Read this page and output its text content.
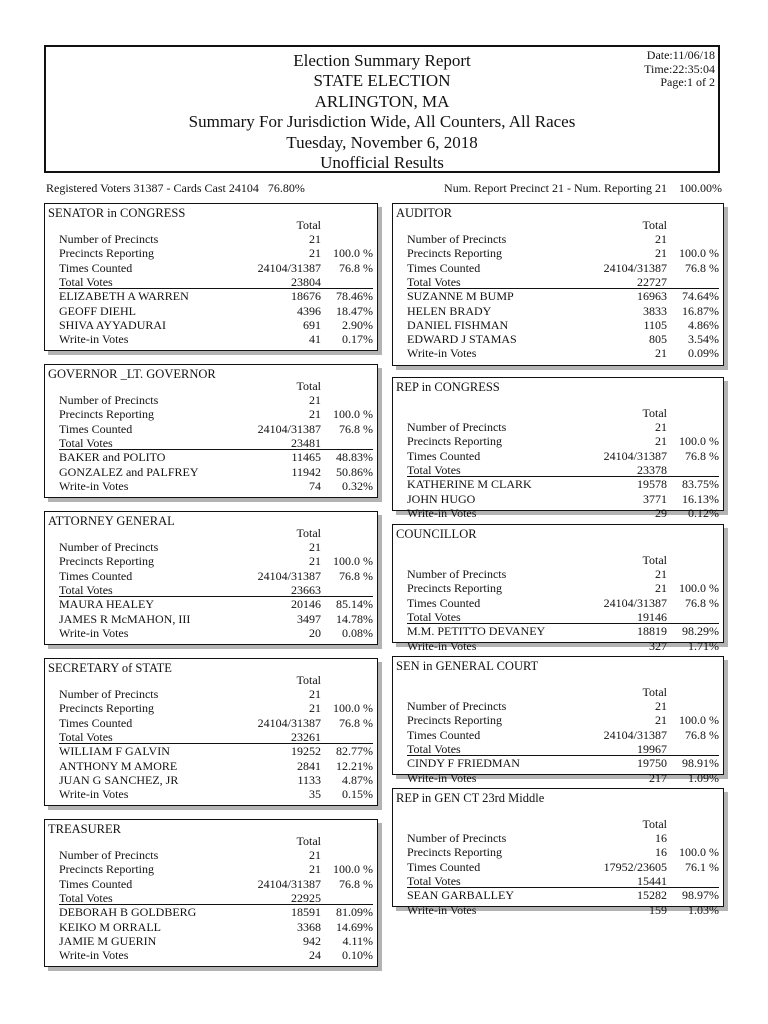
Election Summary Report
STATE ELECTION
ARLINGTON, MA
Summary For Jurisdiction Wide, All Counters, All Races
Tuesday, November 6, 2018
Unofficial Results
Date:11/06/18
Time:22:35:04
Page:1 of 2
Registered Voters 31387 - Cards Cast 24104   76.80%	Num. Report Precinct 21 - Num. Reporting 21    100.00%
SENATOR in CONGRESS
Total
Number of Precincts	21
Precincts Reporting	21 100.0 %
Times Counted	24104/31387 76.8 %
Total Votes	23804
ELIZABETH A WARREN	18676 78.46%
GEOFF DIEHL	4396 18.47%
SHIVA AYYADURAI	691 2.90%
Write-in Votes	41 0.17%
GOVERNOR _LT. GOVERNOR
Total
Number of Precincts	21
Precincts Reporting	21 100.0 %
Times Counted	24104/31387 76.8 %
Total Votes	23481
BAKER and POLITO	11465 48.83%
GONZALEZ and PALFREY	11942 50.86%
Write-in Votes	74 0.32%
ATTORNEY GENERAL
Total
Number of Precincts	21
Precincts Reporting	21 100.0 %
Times Counted	24104/31387 76.8 %
Total Votes	23663
MAURA HEALEY	20146 85.14%
JAMES R McMAHON, III	3497 14.78%
Write-in Votes	20 0.08%
SECRETARY of STATE
Total
Number of Precincts	21
Precincts Reporting	21 100.0 %
Times Counted	24104/31387 76.8 %
Total Votes	23261
WILLIAM F GALVIN	19252 82.77%
ANTHONY M AMORE	2841 12.21%
JUAN G SANCHEZ, JR	1133 4.87%
Write-in Votes	35 0.15%
TREASURER
Total
Number of Precincts	21
Precincts Reporting	21 100.0 %
Times Counted	24104/31387 76.8 %
Total Votes	22925
DEBORAH B GOLDBERG	18591 81.09%
KEIKO M ORRALL	3368 14.69%
JAMIE M GUERIN	942 4.11%
Write-in Votes	24 0.10%
AUDITOR
Total
Number of Precincts	21
Precincts Reporting	21 100.0 %
Times Counted	24104/31387 76.8 %
Total Votes	22727
SUZANNE M BUMP	16963 74.64%
HELEN BRADY	3833 16.87%
DANIEL FISHMAN	1105 4.86%
EDWARD J STAMAS	805 3.54%
Write-in Votes	21 0.09%
REP in CONGRESS
Total
Number of Precincts	21
Precincts Reporting	21 100.0 %
Times Counted	24104/31387 76.8 %
Total Votes	23378
KATHERINE M CLARK	19578 83.75%
JOHN HUGO	3771 16.13%
Write-in Votes	29 0.12%
COUNCILLOR
Total
Number of Precincts	21
Precincts Reporting	21 100.0 %
Times Counted	24104/31387 76.8 %
Total Votes	19146
M.M. PETITTO DEVANEY	18819 98.29%
Write-in Votes	327 1.71%
SEN in GENERAL COURT
Total
Number of Precincts	21
Precincts Reporting	21 100.0 %
Times Counted	24104/31387 76.8 %
Total Votes	19967
CINDY F FRIEDMAN	19750 98.91%
Write-in Votes	217 1.09%
REP in GEN CT 23rd Middle
Total
Number of Precincts	16
Precincts Reporting	16 100.0 %
Times Counted	17952/23605 76.1 %
Total Votes	15441
SEAN GARBALLEY	15282 98.97%
Write-in Votes	159 1.03%
